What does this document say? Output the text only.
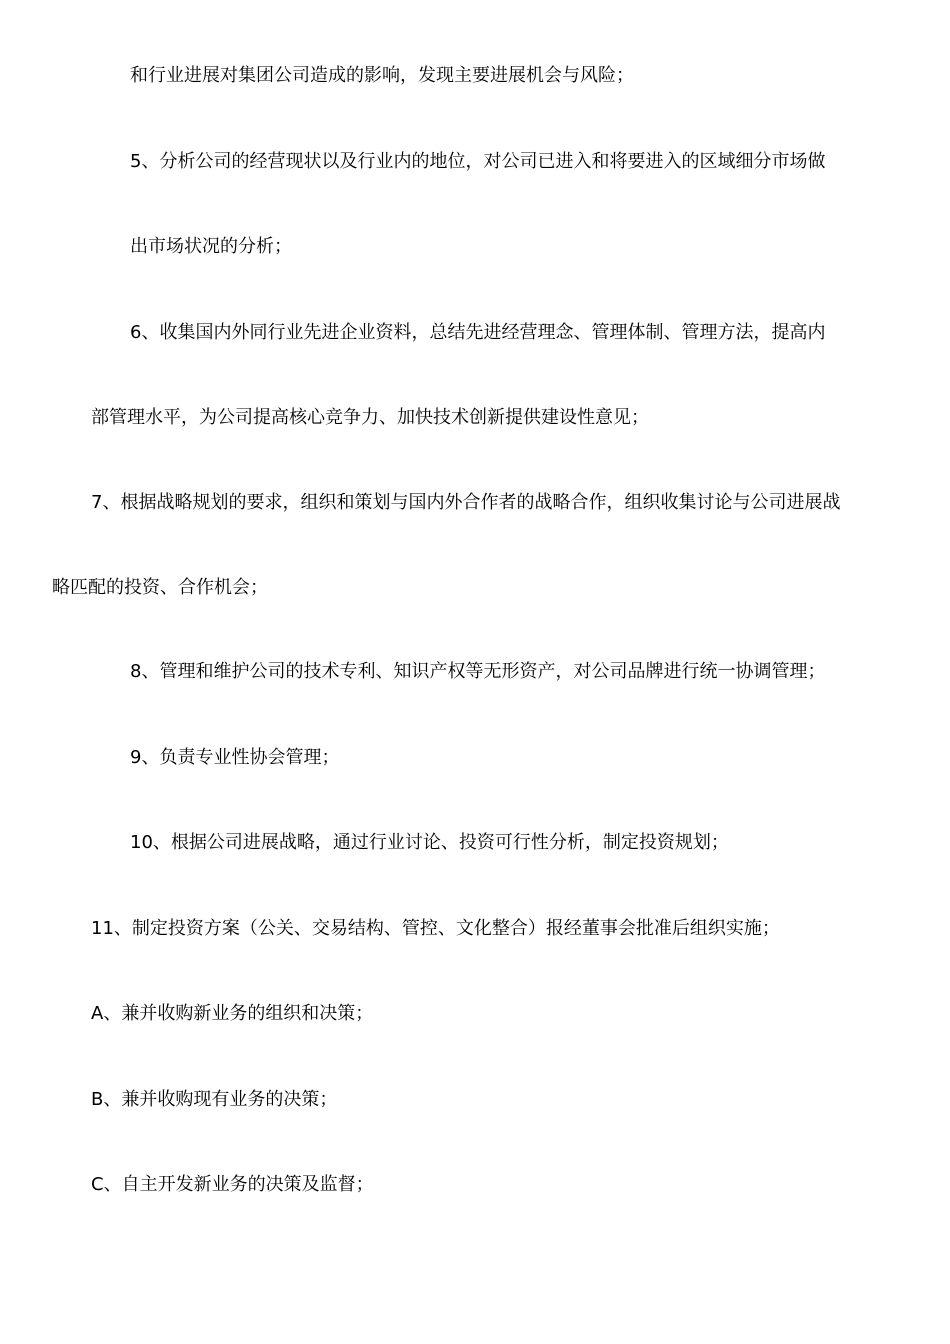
和行业进展对集团公司造成的影响，发现主要进展机会与风险；
5、分析公司的经营现状以及行业内的地位，对公司已进入和将要进入的区域细分市场做
出市场状况的分析；
6、收集国内外同行业先进企业资料，总结先进经营理念、管理体制、管理方法，提高内
部管理水平，为公司提高核心竞争力、加快技术创新提供建设性意见；
7、根据战略规划的要求，组织和策划与国内外合作者的战略合作，组织收集讨论与公司进展战
略匹配的投资、合作机会；
8、管理和维护公司的技术专利、知识产权等无形资产，对公司品牌进行统一协调管理；
9、负责专业性协会管理；
10、根据公司进展战略，通过行业讨论、投资可行性分析，制定投资规划；
11、制定投资方案（公关、交易结构、管控、文化整合）报经董事会批准后组织实施；
A、兼并收购新业务的组织和决策；
B、兼并收购现有业务的决策；
C、自主开发新业务的决策及监督；
